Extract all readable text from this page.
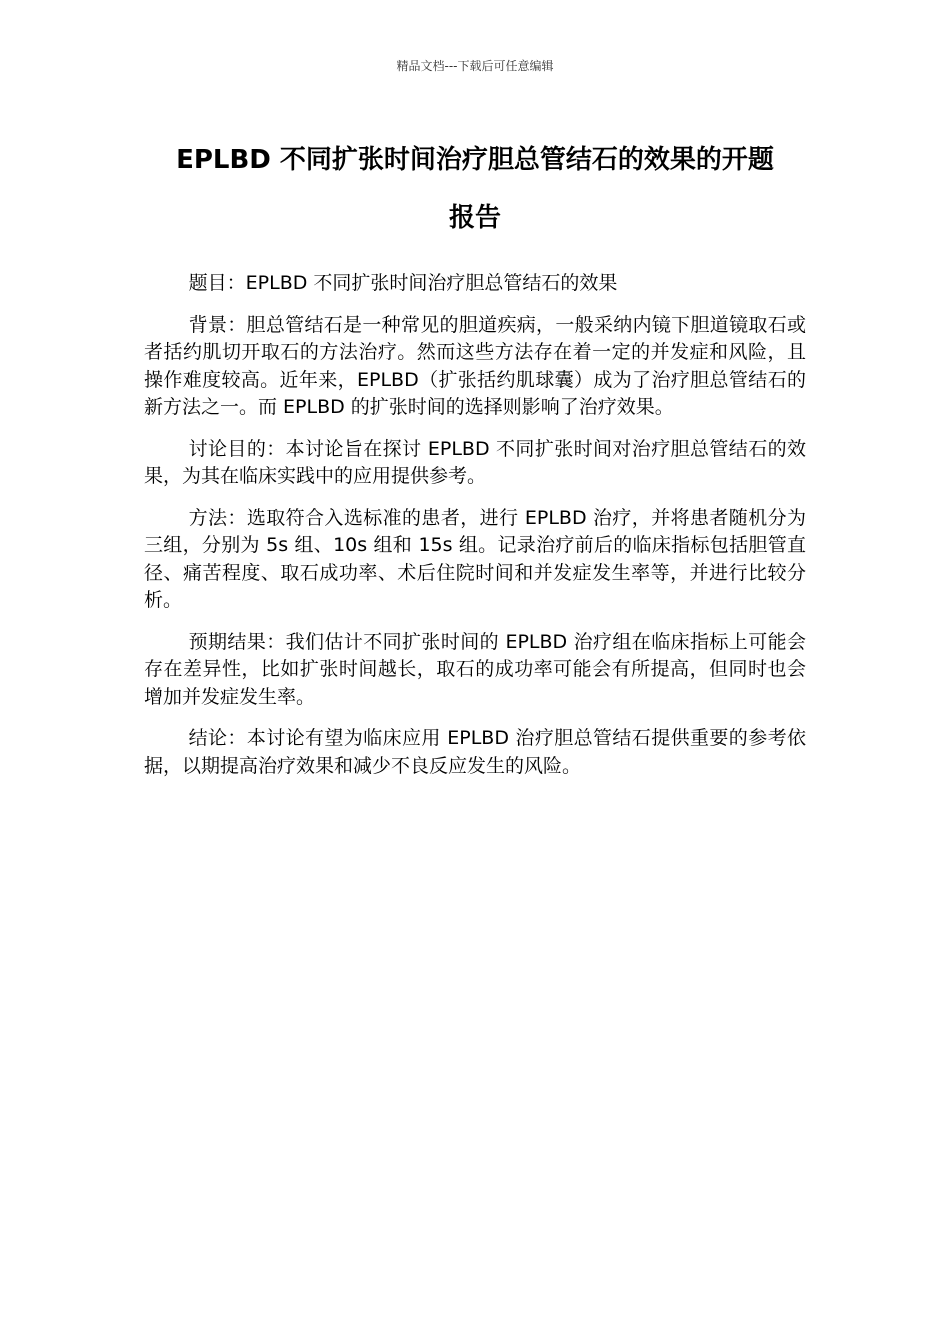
精品文档---下载后可任意编辑
EPLBD 不同扩张时间治疗胆总管结石的效果的开题
报告

题目：EPLBD 不同扩张时间治疗胆总管结石的效果

背景：胆总管结石是一种常见的胆道疾病，一般采纳内镜下胆道镜取石或者括约肌切开取石的方法治疗。然而这些方法存在着一定的并发症和风险，且操作难度较高。近年来，EPLBD（扩张括约肌球囊）成为了治疗胆总管结石的新方法之一。而 EPLBD 的扩张时间的选择则影响了治疗效果。

讨论目的：本讨论旨在探讨 EPLBD 不同扩张时间对治疗胆总管结石的效果，为其在临床实践中的应用提供参考。

方法：选取符合入选标准的患者，进行 EPLBD 治疗，并将患者随机分为三组，分别为 5s 组、10s 组和 15s 组。记录治疗前后的临床指标包括胆管直径、痛苦程度、取石成功率、术后住院时间和并发症发生率等，并进行比较分析。

预期结果：我们估计不同扩张时间的 EPLBD 治疗组在临床指标上可能会存在差异性，比如扩张时间越长，取石的成功率可能会有所提高，但同时也会增加并发症发生率。

结论：本讨论有望为临床应用 EPLBD 治疗胆总管结石提供重要的参考依据，以期提高治疗效果和减少不良反应发生的风险。
